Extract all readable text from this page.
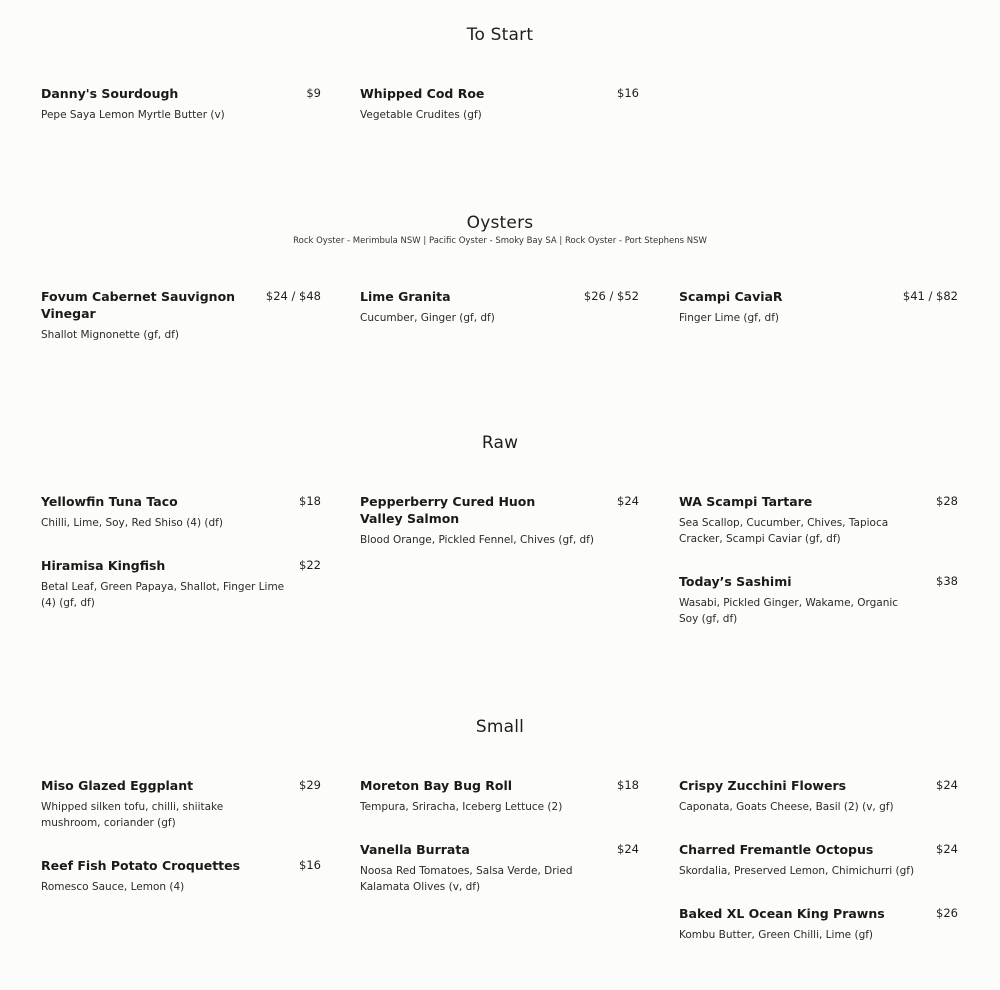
To Start
Danny's Sourdough	$9
Pepe Saya Lemon Myrtle Butter (v)
Whipped Cod Roe	$16
Vegetable Crudites (gf)
Oysters
Rock Oyster - Merimbula NSW | Pacific Oyster - Smoky Bay SA | Rock Oyster - Port Stephens NSW
Fovum Cabernet Sauvignon Vinegar
$24 / $48
Shallot Mignonette (gf, df)
Lime Granita	$26 / $52
Cucumber, Ginger (gf, df)
Scampi CaviaR	$41 / $82
Finger Lime (gf, df)
Raw
Yellowfin Tuna Taco	$18
Chilli, Lime, Soy, Red Shiso (4) (df)
Hiramisa Kingfish	$22
Betal Leaf, Green Papaya, Shallot, Finger Lime (4) (gf, df)
Pepperberry Cured Huon Valley Salmon
$24
Blood Orange, Pickled Fennel, Chives (gf, df)
WA Scampi Tartare	$28
Sea Scallop, Cucumber, Chives, Tapioca Cracker, Scampi Caviar (gf, df)
Today’s Sashimi	$38
Wasabi, Pickled Ginger, Wakame, Organic Soy (gf, df)
Small
Miso Glazed Eggplant	$29
Whipped silken tofu, chilli, shiitake mushroom, coriander (gf)
Reef Fish Potato Croquettes	$16
Romesco Sauce, Lemon (4)
Moreton Bay Bug Roll	$18
Tempura, Sriracha, Iceberg Lettuce (2)
Vanella Burrata	$24
Noosa Red Tomatoes, Salsa Verde, Dried Kalamata Olives (v, df)
Crispy Zucchini Flowers	$24
Caponata, Goats Cheese, Basil (2) (v, gf)
Charred Fremantle Octopus	$24
Skordalia, Preserved Lemon, Chimichurri (gf)
Baked XL Ocean King Prawns	$26
Kombu Butter, Green Chilli, Lime (gf)
